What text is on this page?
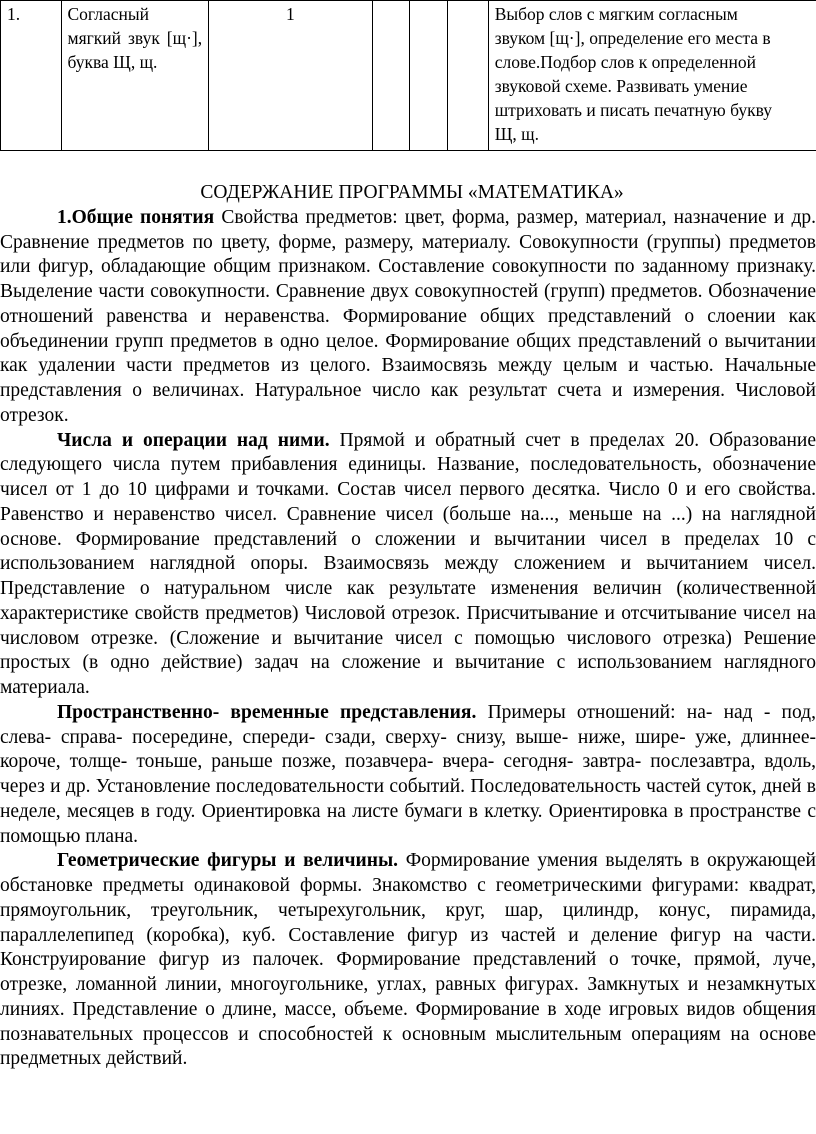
1.	Согласный мягкий звук [щ·], буква Щ, щ.	1				Выбор слов с мягким согласным
звуком [щ·], определение его места в
слове.Подбор слов к определенной
звуковой схеме. Развивать умение
штриховать и писать печатную букву
Щ, щ.
СОДЕРЖАНИЕ ПРОГРАММЫ «МАТЕМАТИКА»

1.Общие понятия Свойства предметов: цвет, форма, размер, материал, назначение и др. Сравнение предметов по цвету, форме, размеру, материалу. Совокупности (группы) предметов или фигур, обладающие общим признаком. Составление совокупности по заданному признаку. Выделение части совокупности. Сравнение двух совокупностей (групп) предметов. Обозначение отношений равенства и неравенства. Формирование общих представлений о слоении как объединении групп предметов в одно целое. Формирование общих представлений о вычитании как удалении части предметов из целого. Взаимосвязь между целым и частью. Начальные представления о величинах. Натуральное число как результат счета и измерения. Числовой отрезок.

Числа и операции над ними. Прямой и обратный счет в пределах 20. Образование следующего числа путем прибавления единицы. Название, последовательность, обозначение чисел от 1 до 10 цифрами и точками. Состав чисел первого десятка. Число 0 и его свойства. Равенство и неравенство чисел. Сравнение чисел (больше на..., меньше на ...) на наглядной основе. Формирование представлений о сложении и вычитании чисел в пределах 10 с использованием наглядной опоры. Взаимосвязь между сложением и вычитанием чисел. Представление о натуральном числе как результате изменения величин (количественной характеристике свойств предметов) Числовой отрезок. Присчитывание и отсчитывание чисел на числовом отрезке. (Сложение и вычитание чисел с помощью числового отрезка) Решение простых (в одно действие) задач на сложение и вычитание с использованием наглядного материала.

Пространственно- временные представления. Примеры отношений: на- над - под, слева- справа- посередине, спереди- сзади, сверху- снизу, выше- ниже, шире- уже, длиннее- короче, толще- тоньше, раньше позже, позавчера- вчера- сегодня- завтра- послезавтра, вдоль, через и др. Установление последовательности событий. Последовательность частей суток, дней в неделе, месяцев в году. Ориентировка на листе бумаги в клетку. Ориентировка в пространстве с помощью плана.

Геометрические фигуры и величины. Формирование умения выделять в окружающей обстановке предметы одинаковой формы. Знакомство с геометрическими фигурами: квадрат, прямоугольник, треугольник, четырехугольник, круг, шар, цилиндр, конус, пирамида, параллелепипед (коробка), куб. Составление фигур из частей и деление фигур на части. Конструирование фигур из палочек. Формирование представлений о точке, прямой, луче, отрезке, ломанной линии, многоугольнике, углах, равных фигурах. Замкнутых и незамкнутых линиях. Представление о длине, массе, объеме. Формирование в ходе игровых видов общения познавательных процессов и способностей к основным мыслительным операциям на основе предметных действий.
